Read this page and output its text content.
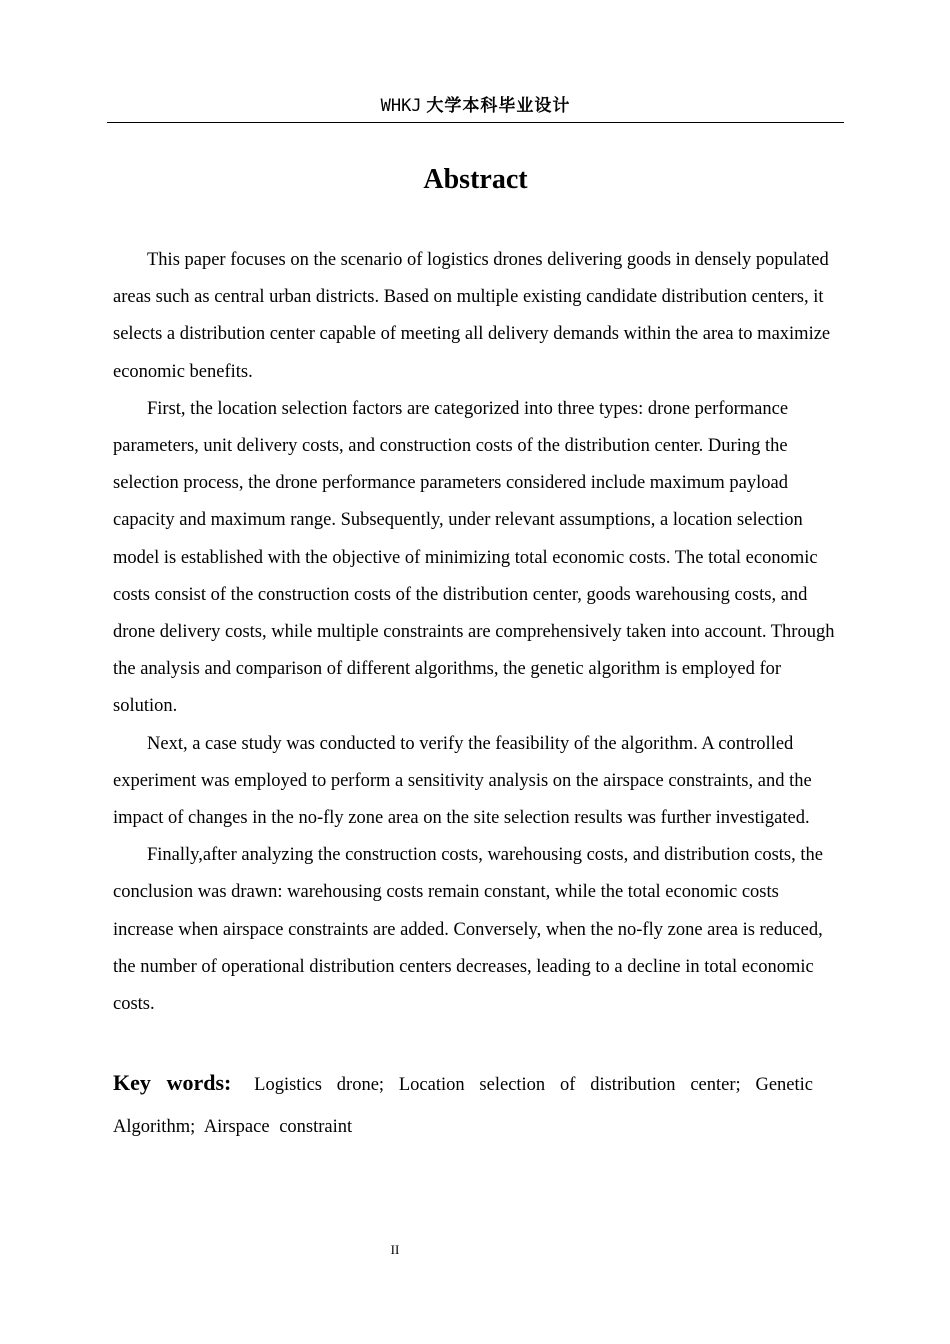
WHKJ 大学本科毕业设计
Abstract

This paper focuses on the scenario of logistics drones delivering goods in densely populated areas such as central urban districts. Based on multiple existing candidate distribution centers, it selects a distribution center capable of meeting all delivery demands within the area to maximize economic benefits.

First, the location selection factors are categorized into three types: drone performance parameters, unit delivery costs, and construction costs of the distribution center. During the selection process, the drone performance parameters considered include maximum payload capacity and maximum range. Subsequently, under relevant assumptions, a location selection model is established with the objective of minimizing total economic costs. The total economic costs consist of the construction costs of the distribution center, goods warehousing costs, and drone delivery costs, while multiple constraints are comprehensively taken into account. Through the analysis and comparison of different algorithms, the genetic algorithm is employed for solution.

Next, a case study was conducted to verify the feasibility of the algorithm. A controlled experiment was employed to perform a sensitivity analysis on the airspace constraints, and the impact of changes in the no-fly zone area on the site selection results was further investigated.

Finally,after analyzing the construction costs, warehousing costs, and distribution costs, the conclusion was drawn: warehousing costs remain constant, while the total economic costs increase when airspace constraints are added. Conversely, when the no-fly zone area is reduced, the number of operational distribution centers decreases, leading to a decline in total economic costs.

Key words: Logistics drone; Location selection of distribution center; Genetic Algorithm; Airspace constraint
II
